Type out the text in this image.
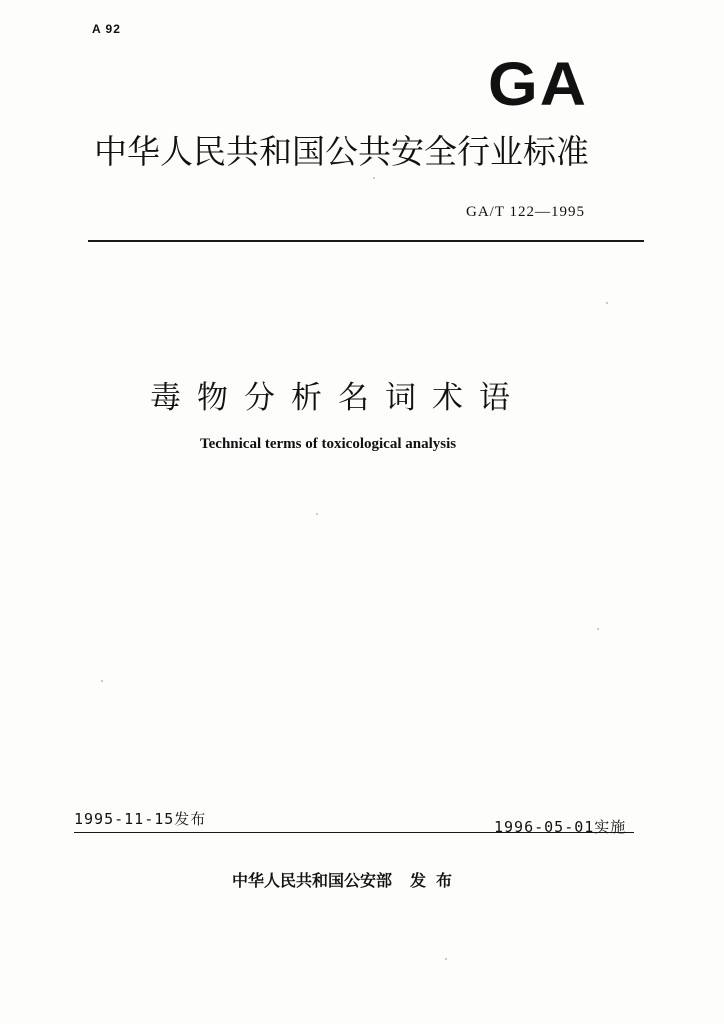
A 92
GA
中华人民共和国公共安全行业标准
GA/T 122—1995
毒物分析名词术语
Technical terms of toxicological analysis
1995-11-15发布	1996-05-01实施
中华人民共和国公安部 发布
